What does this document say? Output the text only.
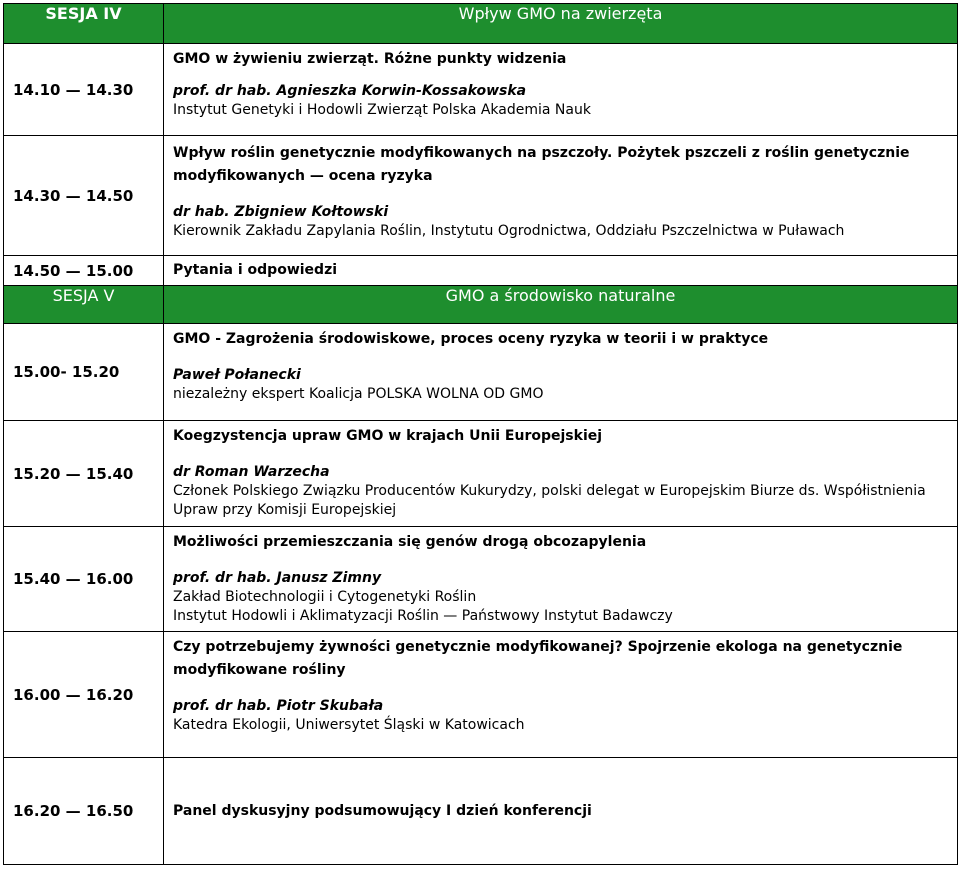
SESJA IV	Wpływ GMO na zwierzęta
14.10 — 14.30	GMO w żywieniu zwierząt. Różne punkty widzenia
prof. dr hab. Agnieszka Korwin-Kossakowska
Instytut Genetyki i Hodowli Zwierząt Polska Akademia Nauk

14.30 — 14.50	Wpływ roślin genetycznie modyfikowanych na pszczoły. Pożytek pszczeli z roślin genetycznie modyfikowanych — ocena ryzyka
dr hab. Zbigniew Kołtowski
Kierownik Zakładu Zapylania Roślin, Instytutu Ogrodnictwa, Oddziału Pszczelnictwa w Puławach

14.50 — 15.00	Pytania i odpowiedzi

SESJA V	GMO a środowisko naturalne
15.00- 15.20	GMO - Zagrożenia środowiskowe, proces oceny ryzyka w teorii i w praktyce
Paweł Połanecki
niezależny ekspert Koalicja POLSKA WOLNA OD GMO

15.20 — 15.40	Koegzystencja upraw GMO w krajach Unii Europejskiej
dr Roman Warzecha
Członek Polskiego Związku Producentów Kukurydzy, polski delegat w Europejskim Biurze ds. Współistnienia Upraw przy Komisji Europejskiej

15.40 — 16.00	Możliwości przemieszczania się genów drogą obcozapylenia
prof. dr hab. Janusz Zimny
Zakład Biotechnologii i Cytogenetyki Roślin
Instytut Hodowli i Aklimatyzacji Roślin — Państwowy Instytut Badawczy

16.00 — 16.20	Czy potrzebujemy żywności genetycznie modyfikowanej? Spojrzenie ekologa na genetycznie modyfikowane rośliny
prof. dr hab. Piotr Skubała
Katedra Ekologii, Uniwersytet Śląski w Katowicach

16.20 — 16.50	Panel dyskusyjny podsumowujący I dzień konferencji
